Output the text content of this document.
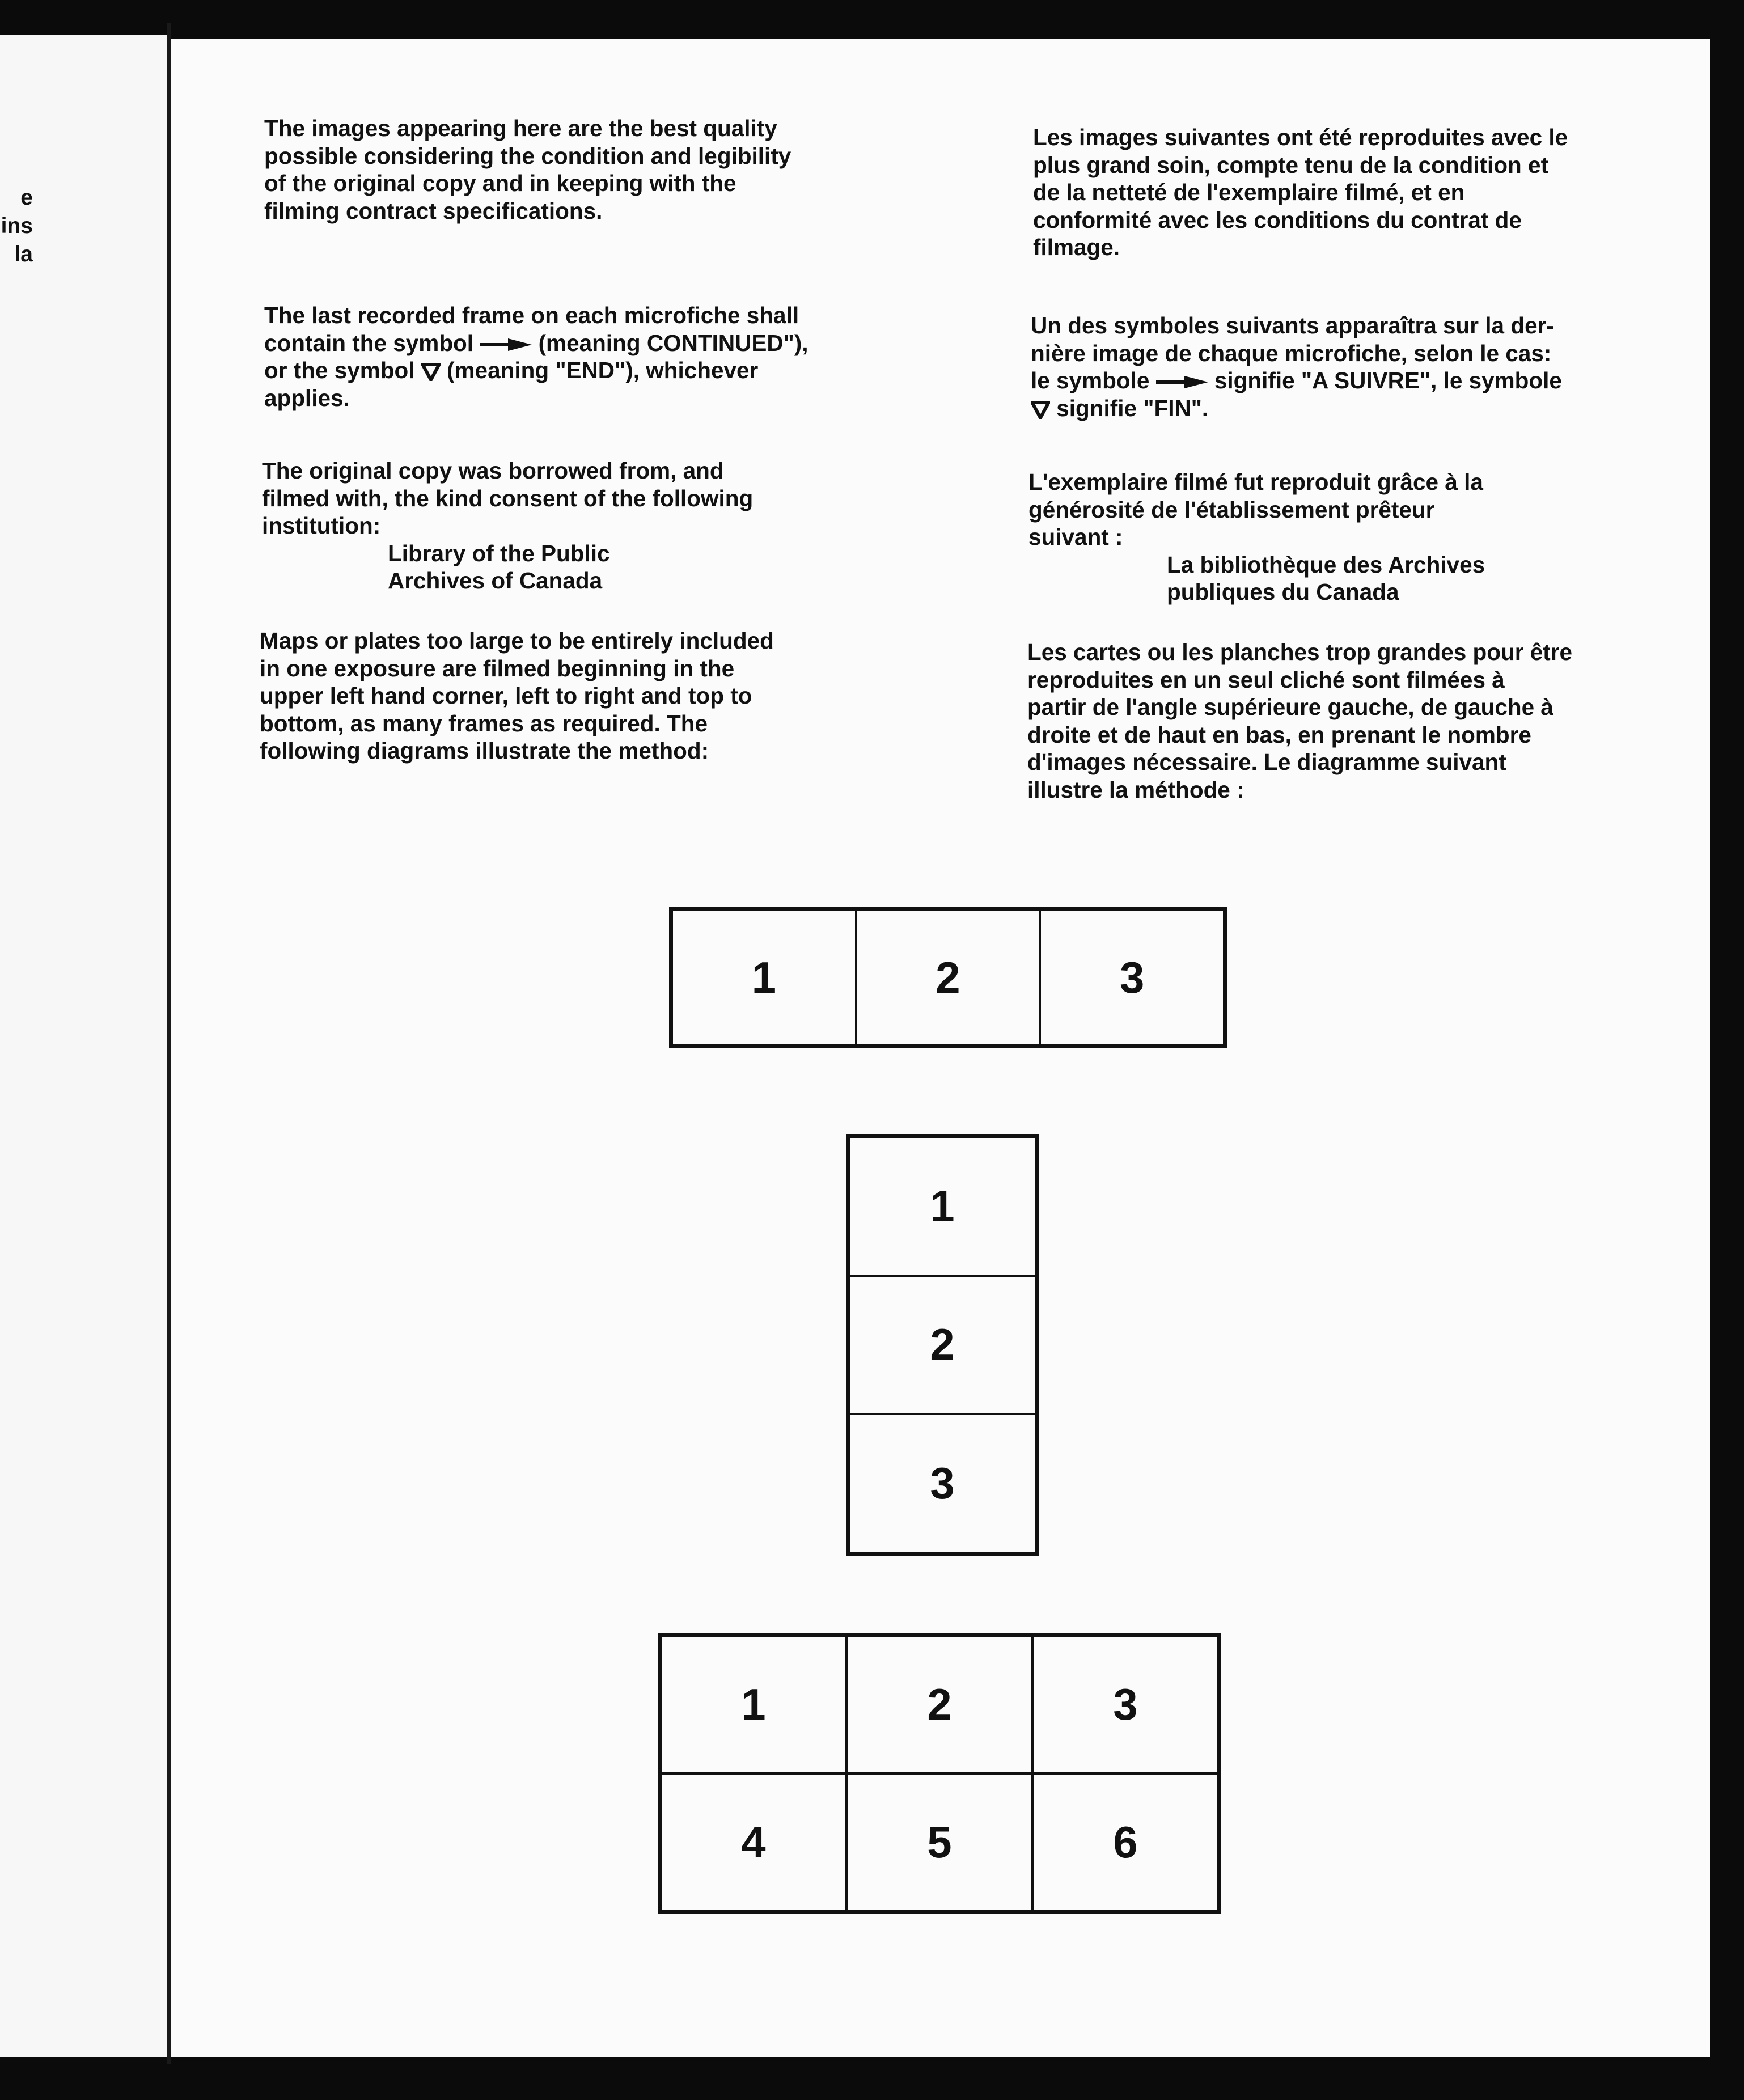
e
ins
la

The images appearing here are the best quality

possible considering the condition and legibility

of the original copy and in keeping with the

filming contract specifications.

The last recorded frame on each microfiche shall

contain the symbol  (meaning CONTINUED"),

or the symbol  (meaning "END"), whichever

applies.

The original copy was borrowed from, and

filmed with, the kind consent of the following

institution:

Library of the Public

Archives of Canada

Maps or plates too large to be entirely included

in one exposure are filmed beginning in the

upper left hand corner, left to right and top to

bottom, as many frames as required. The

following diagrams illustrate the method:

Les images suivantes ont été reproduites avec le

plus grand soin, compte tenu de la condition et

de la netteté de l'exemplaire filmé, et en

conformité avec les conditions du contrat de

filmage.

Un des symboles suivants apparaîtra sur la der-

nière image de chaque microfiche, selon le cas:

le symbole  signifie "A SUIVRE", le symbole

signifie "FIN".

L'exemplaire filmé fut reproduit grâce à la

générosité de l'établissement prêteur

suivant :

La bibliothèque des Archives

publiques du Canada

Les cartes ou les planches trop grandes pour être

reproduites en un seul cliché sont filmées à

partir de l'angle supérieure gauche, de gauche à

droite et de haut en bas, en prenant le nombre

d'images nécessaire. Le diagramme suivant

illustre la méthode :

1	2	3
1
2
3
1	2	3
4	5	6
